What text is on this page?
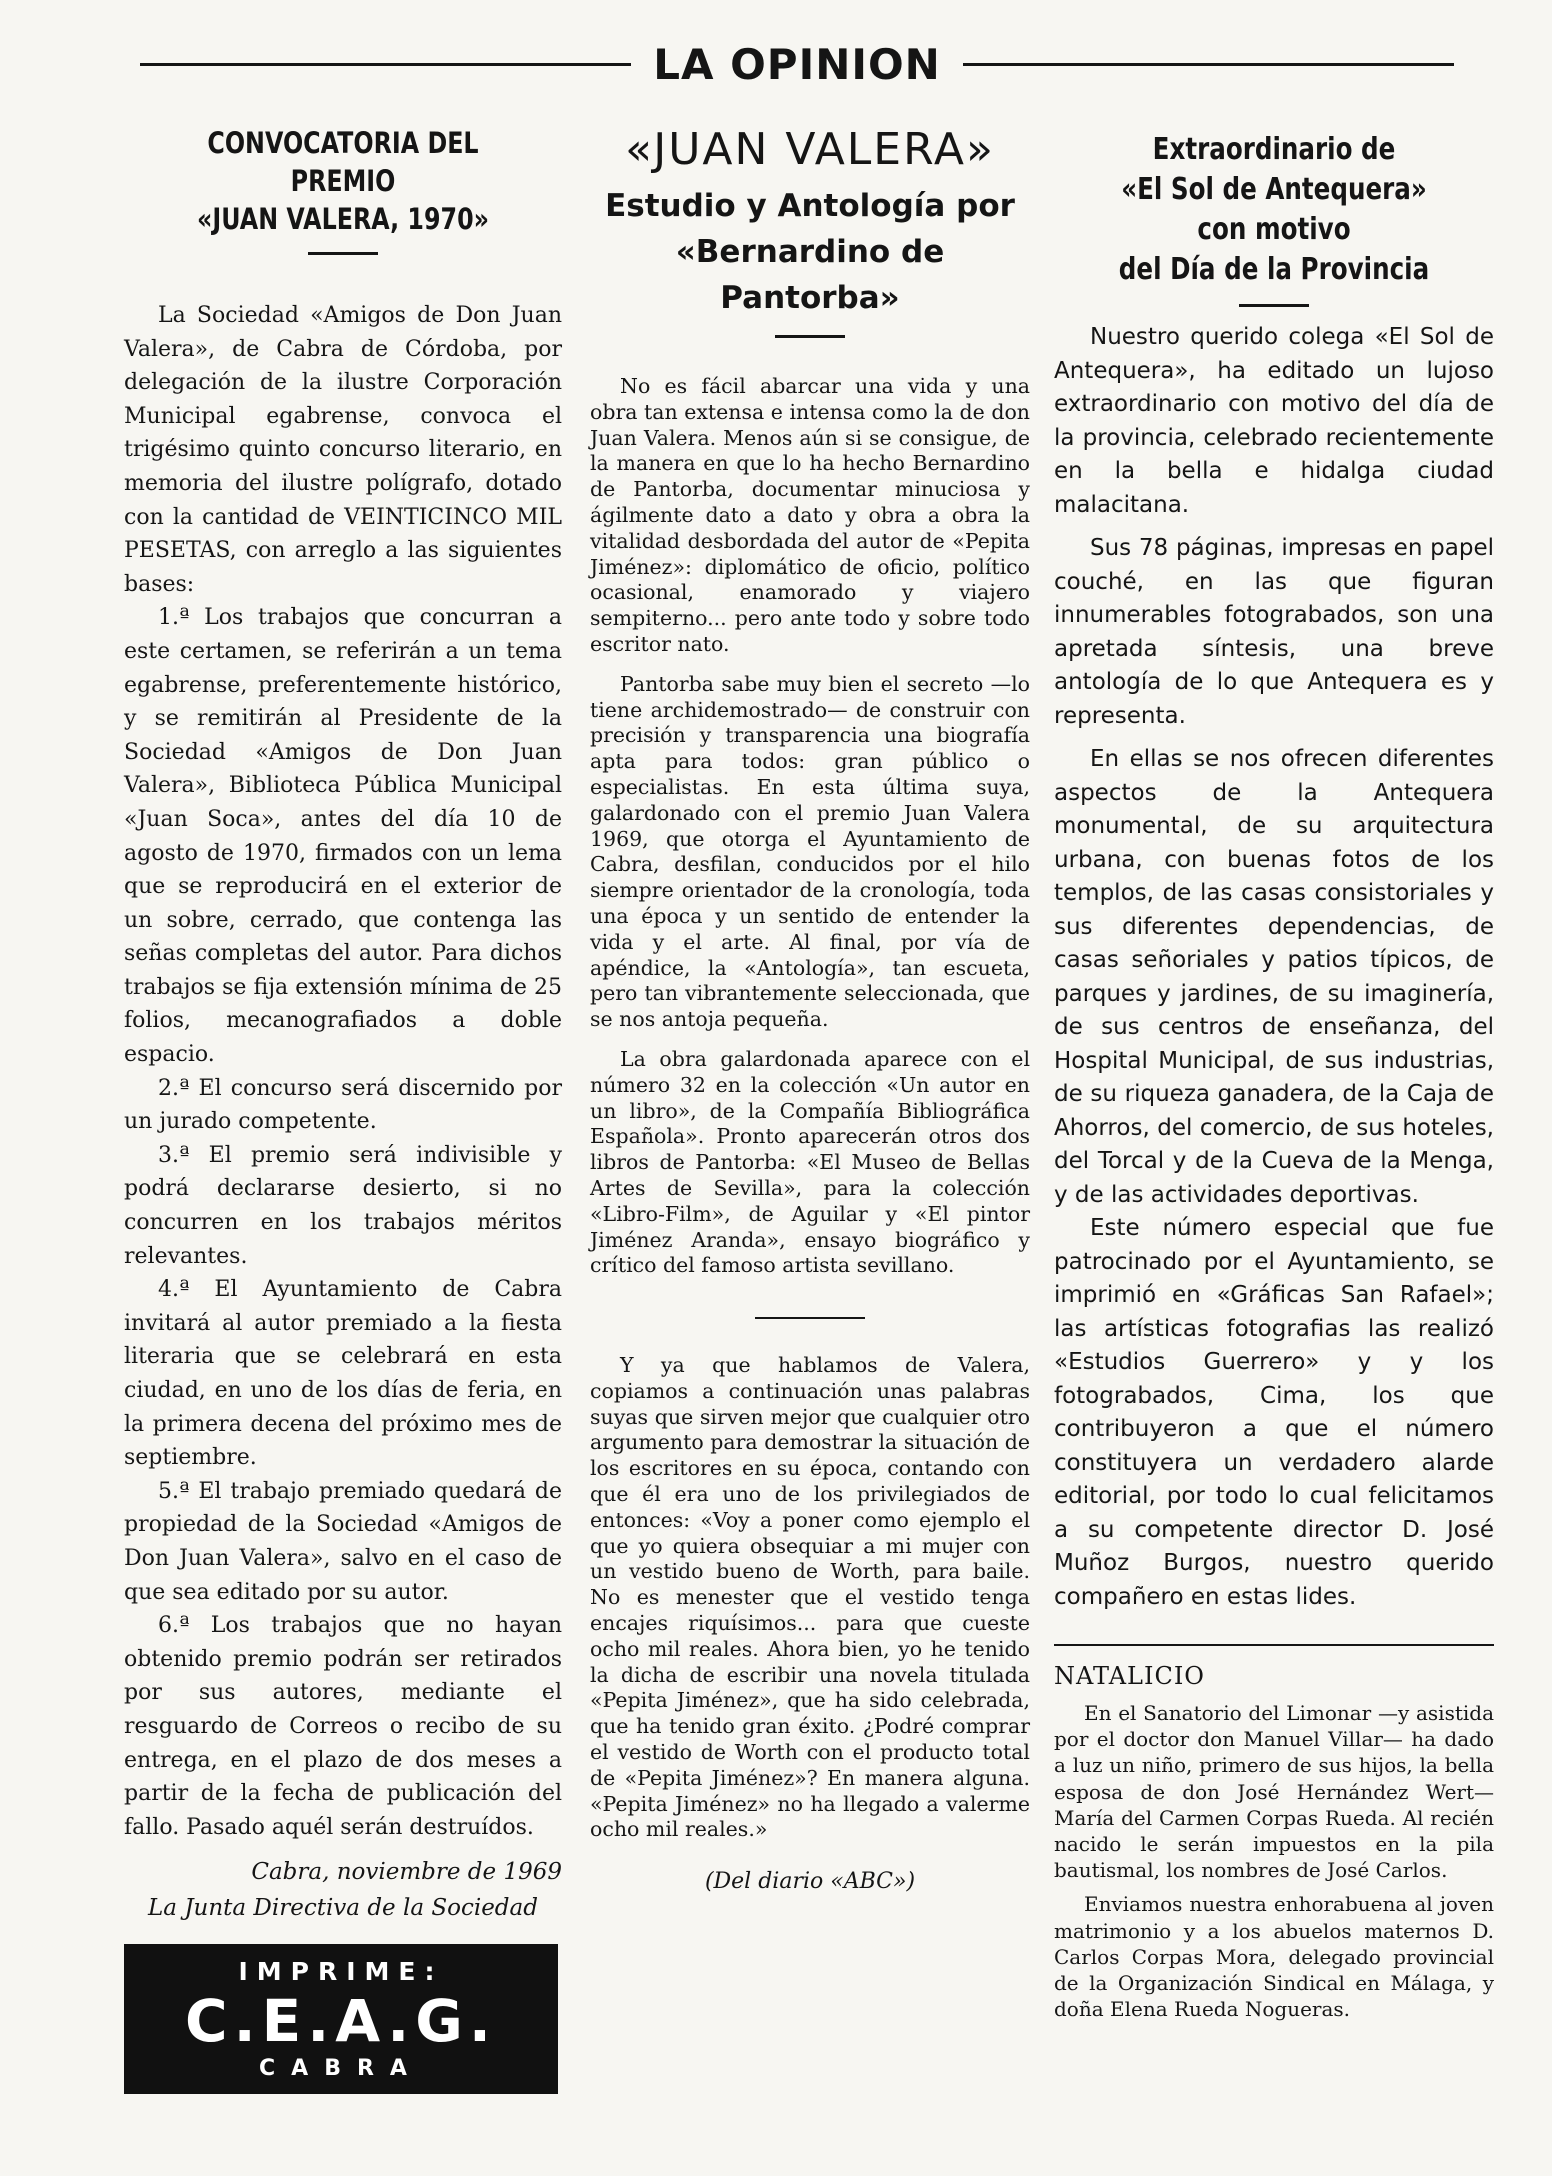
LA OPINION
CONVOCATORIA DEL PREMIO
«JUAN VALERA, 1970»

La Sociedad «Amigos de Don Juan Valera», de Cabra de Córdoba, por delegación de la ilustre Corporación Municipal egabrense, convoca el trigésimo quinto concurso literario, en memoria del ilustre polígrafo, dotado con la cantidad de VEINTICINCO MIL PESETAS, con arreglo a las siguientes bases:

1.ª Los trabajos que concurran a este certamen, se referirán a un tema egabrense, preferentemente histórico, y se remitirán al Presidente de la Sociedad «Amigos de Don Juan Valera», Biblioteca Pública Municipal «Juan Soca», antes del día 10 de agosto de 1970, firmados con un lema que se reproducirá en el exterior de un sobre, cerrado, que contenga las señas completas del autor. Para dichos trabajos se fija extensión mínima de 25 folios, mecanografiados a doble espacio.

2.ª El concurso será discernido por un jurado competente.

3.ª El premio será indivisible y podrá declararse desierto, si no concurren en los trabajos méritos relevantes.

4.ª El Ayuntamiento de Cabra invitará al autor premiado a la fiesta literaria que se celebrará en esta ciudad, en uno de los días de feria, en la primera decena del próximo mes de septiembre.

5.ª El trabajo premiado quedará de propiedad de la Sociedad «Amigos de Don Juan Valera», salvo en el caso de que sea editado por su autor.

6.ª Los trabajos que no hayan obtenido premio podrán ser retirados por sus autores, mediante el resguardo de Correos o recibo de su entrega, en el plazo de dos meses a partir de la fecha de publicación del fallo. Pasado aquél serán destruídos.

Cabra, noviembre de 1969
La Junta Directiva de la Sociedad
IMPRIME:
C.E.A.G.
CABRA
«JUAN VALERA»
Estudio y Antología por
«Bernardino de Pantorba»

No es fácil abarcar una vida y una obra tan extensa e intensa como la de don Juan Valera. Menos aún si se consigue, de la manera en que lo ha hecho Bernardino de Pantorba, documentar minuciosa y ágilmente dato a dato y obra a obra la vitalidad desbordada del autor de «Pepita Jiménez»: diplomático de oficio, político ocasional, enamorado y viajero sempiterno... pero ante todo y sobre todo escritor nato.

Pantorba sabe muy bien el secreto —lo tiene archidemostrado— de construir con precisión y transparencia una biografía apta para todos: gran público o especialistas. En esta última suya, galardonado con el premio Juan Valera 1969, que otorga el Ayuntamiento de Cabra, desfilan, conducidos por el hilo siempre orientador de la cronología, toda una época y un sentido de entender la vida y el arte. Al final, por vía de apéndice, la «Antología», tan escueta, pero tan vibrantemente seleccionada, que se nos antoja pequeña.

La obra galardonada aparece con el número 32 en la colección «Un autor en un libro», de la Compañía Bibliográfica Española». Pronto aparecerán otros dos libros de Pantorba: «El Museo de Bellas Artes de Sevilla», para la colección «Libro-Film», de Aguilar y «El pintor Jiménez Aranda», ensayo biográfico y crítico del famoso artista sevillano.

Y ya que hablamos de Valera, copiamos a continuación unas palabras suyas que sirven mejor que cualquier otro argumento para demostrar la situación de los escritores en su época, contando con que él era uno de los privilegiados de entonces: «Voy a poner como ejemplo el que yo quiera obsequiar a mi mujer con un vestido bueno de Worth, para baile. No es menester que el vestido tenga encajes riquísimos... para que cueste ocho mil reales. Ahora bien, yo he tenido la dicha de escribir una novela titulada «Pepita Jiménez», que ha sido celebrada, que ha tenido gran éxito. ¿Podré comprar el vestido de Worth con el producto total de «Pepita Jiménez»? En manera alguna. «Pepita Jiménez» no ha llegado a valerme ocho mil reales.»

(Del diario «ABC»)
Extraordinario de
«El Sol de Antequera» con motivo
del Día de la Provincia

Nuestro querido colega «El Sol de Antequera», ha editado un lujoso extraordinario con motivo del día de la provincia, celebrado recientemente en la bella e hidalga ciudad malacitana.

Sus 78 páginas, impresas en papel couché, en las que figuran innumerables fotograbados, son una apretada síntesis, una breve antología de lo que Antequera es y representa.

En ellas se nos ofrecen diferentes aspectos de la Antequera monumental, de su arquitectura urbana, con buenas fotos de los templos, de las casas consistoriales y sus diferentes dependencias, de casas señoriales y patios típicos, de parques y jardines, de su imaginería, de sus centros de enseñanza, del Hospital Municipal, de sus industrias, de su riqueza ganadera, de la Caja de Ahorros, del comercio, de sus hoteles, del Torcal y de la Cueva de la Menga, y de las actividades deportivas.

Este número especial que fue patrocinado por el Ayuntamiento, se imprimió en «Gráficas San Rafael»; las artísticas fotografias las realizó «Estudios Guerrero» y y los fotograbados, Cima, los que contribuyeron a que el número constituyera un verdadero alarde editorial, por todo lo cual felicitamos a su competente director D. José Muñoz Burgos, nuestro querido compañero en estas lides.

NATALICIO

En el Sanatorio del Limonar —y asistida por el doctor don Manuel Villar— ha dado a luz un niño, primero de sus hijos, la bella esposa de don José Hernández Wert— María del Carmen Corpas Rueda. Al recién nacido le serán impuestos en la pila bautismal, los nombres de José Carlos.

Enviamos nuestra enhorabuena al joven matrimonio y a los abuelos maternos D. Carlos Corpas Mora, delegado provincial de la Organización Sindical en Málaga, y doña Elena Rueda Nogueras.
